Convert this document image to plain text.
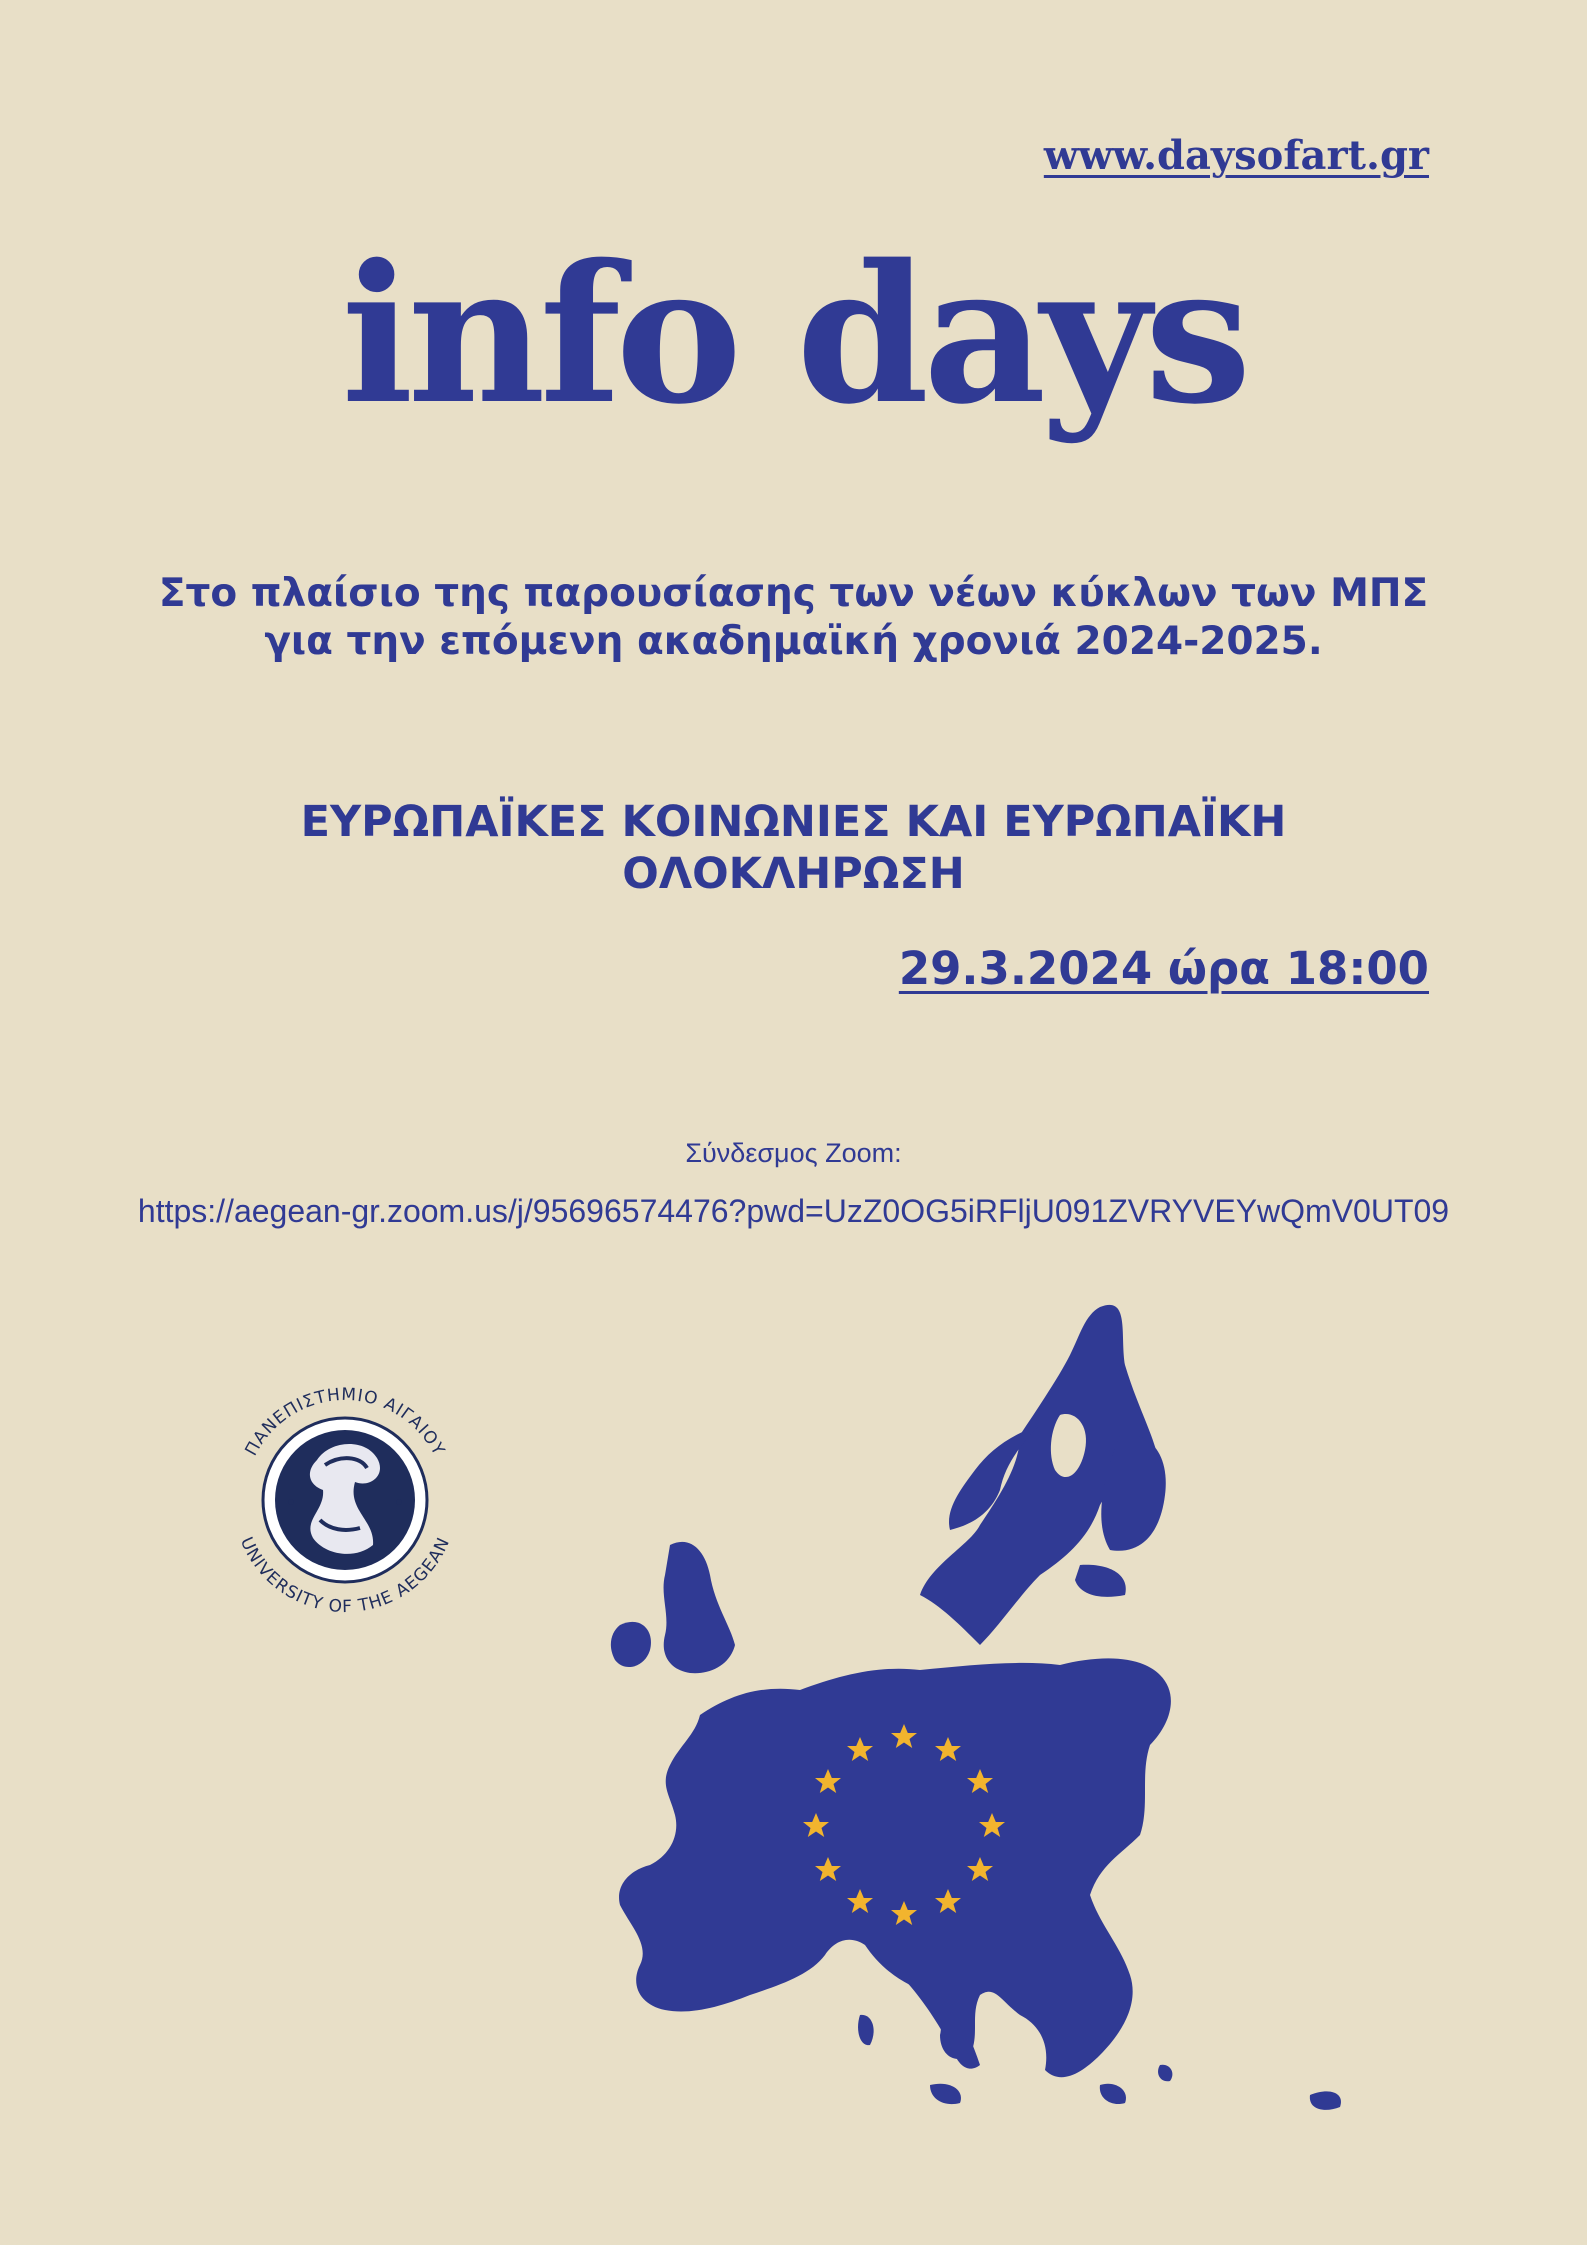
www.daysofart.gr
info days
Στο πλαίσιο της παρουσίασης των νέων κύκλων των ΜΠΣ
για την επόμενη ακαδημαϊκή χρονιά 2024-2025.
ΕΥΡΩΠΑΪΚΕΣ ΚΟΙΝΩΝΙΕΣ ΚΑΙ ΕΥΡΩΠΑΪΚΗ
ΟΛΟΚΛΗΡΩΣΗ
29.3.2024 ώρα 18:00
Σύνδεσμος Zoom:
https://aegean-gr.zoom.us/j/95696574476?pwd=UzZ0OG5iRFljU091ZVRYVEYwQmV0UT09
ΠΑΝΕΠΙΣΤΗΜΙΟ ΑΙΓΑΙΟΥ
UNIVERSITY OF THE AEGEAN
